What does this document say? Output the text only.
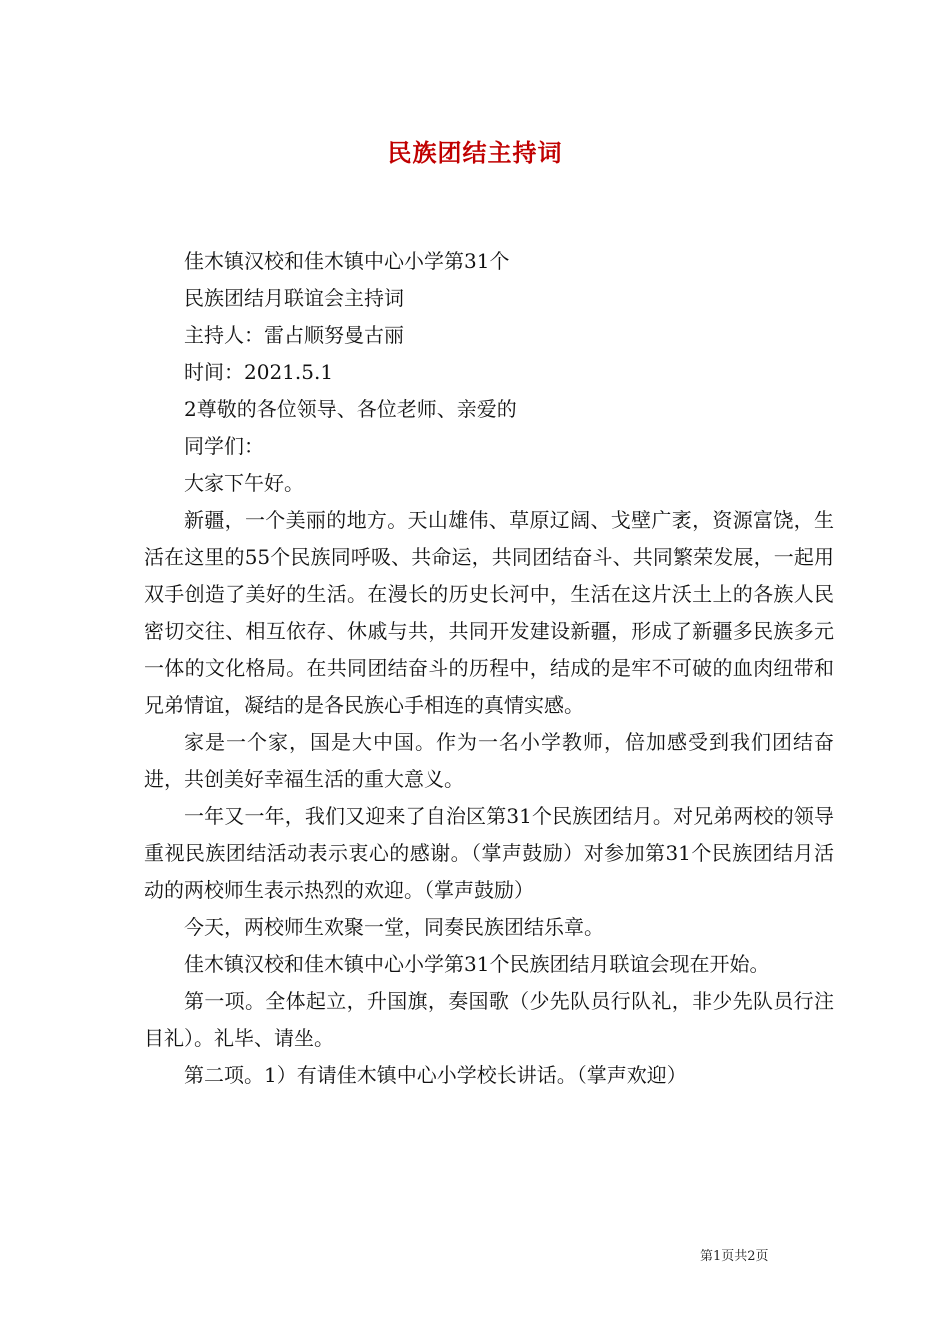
民族团结主持词

佳木镇汉校和佳木镇中心小学第31个

民族团结月联谊会主持词

主持人：雷占顺努曼古丽

时间：2021.5.1

2尊敬的各位领导、各位老师、亲爱的

同学们：

大家下午好。

新疆，一个美丽的地方。天山雄伟、草原辽阔、戈壁广袤，资源富饶，生活在这里的55个民族同呼吸、共命运，共同团结奋斗、共同繁荣发展，一起用双手创造了美好的生活。在漫长的历史长河中，生活在这片沃土上的各族人民密切交往、相互依存、休戚与共，共同开发建设新疆，形成了新疆多民族多元一体的文化格局。在共同团结奋斗的历程中，结成的是牢不可破的血肉纽带和兄弟情谊，凝结的是各民族心手相连的真情实感。

家是一个家，国是大中国。作为一名小学教师，倍加感受到我们团结奋进，共创美好幸福生活的重大意义。

一年又一年，我们又迎来了自治区第31个民族团结月。对兄弟两校的领导重视民族团结活动表示衷心的感谢。（掌声鼓励）对参加第31个民族团结月活动的两校师生表示热烈的欢迎。（掌声鼓励）

今天，两校师生欢聚一堂，同奏民族团结乐章。

佳木镇汉校和佳木镇中心小学第31个民族团结月联谊会现在开始。

第一项。全体起立，升国旗，奏国歌（少先队员行队礼，非少先队员行注目礼）。礼毕、请坐。

第二项。1）有请佳木镇中心小学校长讲话。（掌声欢迎）

第1页共2页
